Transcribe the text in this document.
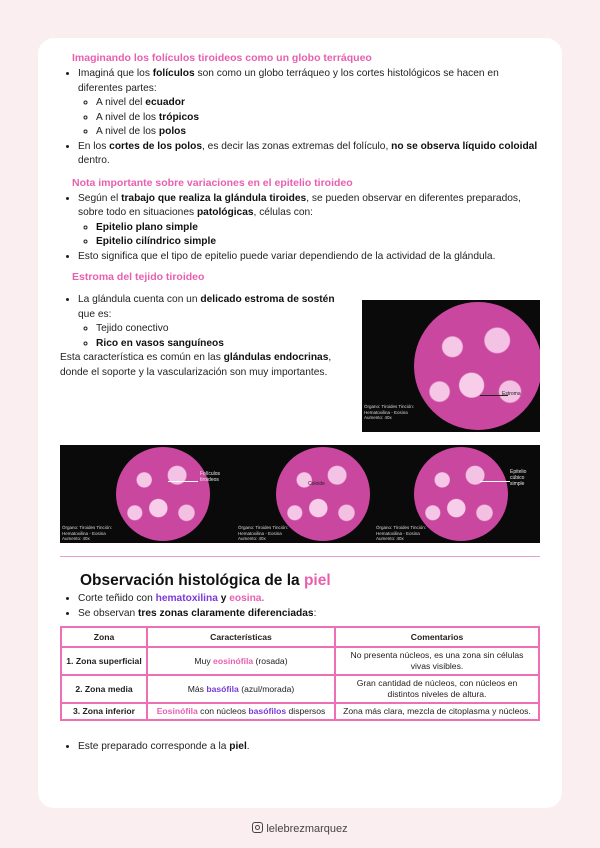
Imaginando los folículos tiroideos como un globo terráqueo
• Imaginá que los folículos son como un globo terráqueo y los cortes histológicos se hacen en diferentes partes:
◦ A nivel del ecuador
◦ A nivel de los trópicos
◦ A nivel de los polos
• En los cortes de los polos, es decir las zonas extremas del folículo, no se observa líquido coloidal dentro.
Nota importante sobre variaciones en el epitelio tiroideo
• Según el trabajo que realiza la glándula tiroides, se pueden observar en diferentes preparados, sobre todo en situaciones patológicas, células con:
◦ Epitelio plano simple
◦ Epitelio cilíndrico simple
• Esto significa que el tipo de epitelio puede variar dependiendo de la actividad de la glándula.
Estroma del tejido tiroideo
• La glándula cuenta con un delicado estroma de sostén que es:
◦ Tejido conectivo
◦ Rico en vasos sanguíneos

Esta característica es común en las glándulas endocrinas, donde el soporte y la vascularización son muy importantes.

Estroma
Órgano: Tiroides Tinción: Hematoxilina - Eosina Aumento: 40x
Folículos tiroideos
Órgano: Tiroides Tinción: Hematoxilina - Eosina Aumento: 40x
Coloide
Órgano: Tiroides Tinción: Hematoxilina - Eosina Aumento: 40x
Epitelio cúbico simple
Órgano: Tiroides Tinción: Hematoxilina - Eosina Aumento: 40x
Observación histológica de la piel
• Corte teñido con hematoxilina y eosina.
• Se observan tres zonas claramente diferenciadas:
Zona	Características	Comentarios
1. Zona superficial	Muy eosinófila (rosada)	No presenta núcleos, es una zona sin células vivas visibles.
2. Zona media	Más basófila (azul/morada)	Gran cantidad de núcleos, con núcleos en distintos niveles de altura.
3. Zona inferior	Eosinófila con núcleos basófilos dispersos	Zona más clara, mezcla de citoplasma y núcleos.
• Este preparado corresponde a la piel.
lelebrezmarquez
